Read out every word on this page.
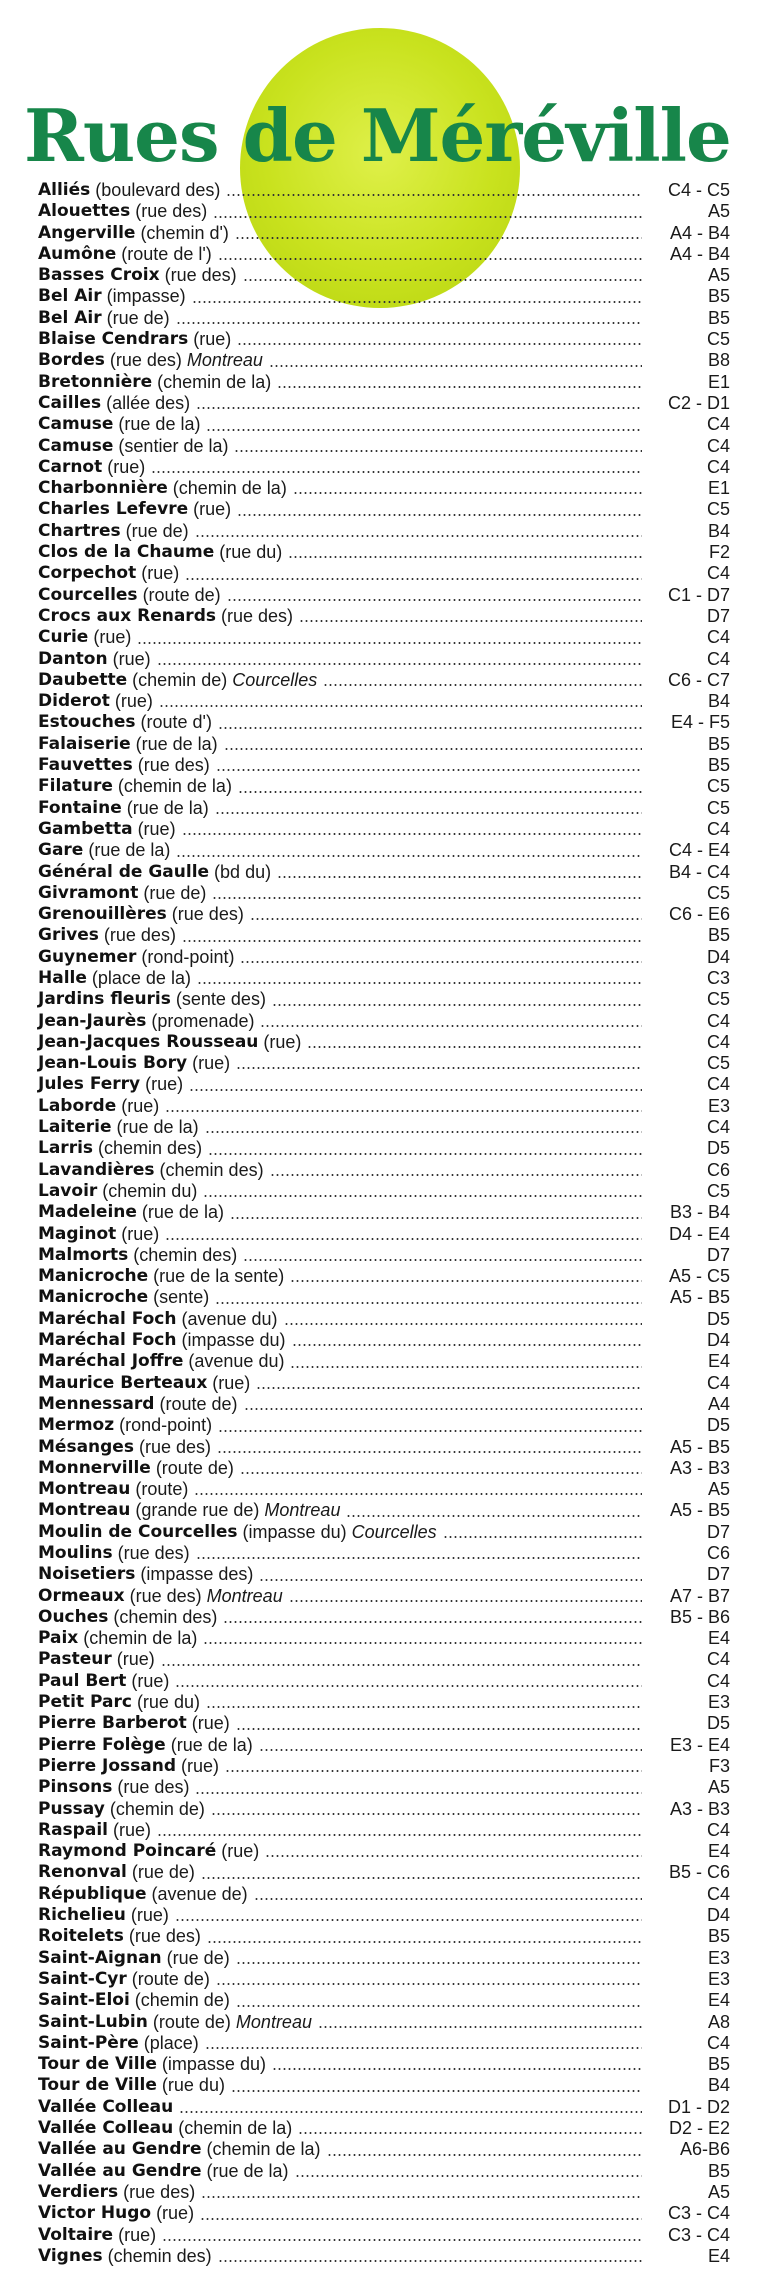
Rues de Méréville
Alliés (boulevard des)	C4 - C5
Alouettes (rue des)	A5
Angerville (chemin d')	A4 - B4
Aumône (route de l')	A4 - B4
Basses Croix (rue des)	A5
Bel Air (impasse)	B5
Bel Air (rue de)	B5
Blaise Cendrars (rue)	C5
Bordes (rue des) Montreau	B8
Bretonnière (chemin de la)	E1
Cailles (allée des)	C2 - D1
Camuse (rue de la)	C4
Camuse (sentier de la)	C4
Carnot (rue)	C4
Charbonnière (chemin de la)	E1
Charles Lefevre (rue)	C5
Chartres (rue de)	B4
Clos de la Chaume (rue du)	F2
Corpechot (rue)	C4
Courcelles (route de)	C1 - D7
Crocs aux Renards (rue des)	D7
Curie (rue)	C4
Danton (rue)	C4
Daubette (chemin de) Courcelles	C6 - C7
Diderot (rue)	B4
Estouches (route d')	E4 - F5
Falaiserie (rue de la)	B5
Fauvettes (rue des)	B5
Filature (chemin de la)	C5
Fontaine (rue de la)	C5
Gambetta (rue)	C4
Gare (rue de la)	C4 - E4
Général de Gaulle (bd du)	B4 - C4
Givramont (rue de)	C5
Grenouillères (rue des)	C6 - E6
Grives (rue des)	B5
Guynemer (rond-point)	D4
Halle (place de la)	C3
Jardins fleuris (sente des)	C5
Jean-Jaurès (promenade)	C4
Jean-Jacques Rousseau (rue)	C4
Jean-Louis Bory (rue)	C5
Jules Ferry (rue)	C4
Laborde (rue)	E3
Laiterie (rue de la)	C4
Larris (chemin des)	D5
Lavandières (chemin des)	C6
Lavoir (chemin du)	C5
Madeleine (rue de la)	B3 - B4
Maginot (rue)	D4 - E4
Malmorts (chemin des)	D7
Manicroche (rue de la sente)	A5 - C5
Manicroche (sente)	A5 - B5
Maréchal Foch (avenue du)	D5
Maréchal Foch (impasse du)	D4
Maréchal Joffre (avenue du)	E4
Maurice Berteaux (rue)	C4
Mennessard (route de)	A4
Mermoz (rond-point)	D5
Mésanges (rue des)	A5 - B5
Monnerville (route de)	A3 - B3
Montreau (route)	A5
Montreau (grande rue de) Montreau	A5 - B5
Moulin de Courcelles (impasse du) Courcelles	D7
Moulins (rue des)	C6
Noisetiers (impasse des)	D7
Ormeaux (rue des) Montreau	A7 - B7
Ouches (chemin des)	B5 - B6
Paix (chemin de la)	E4
Pasteur (rue)	C4
Paul Bert (rue)	C4
Petit Parc (rue du)	E3
Pierre Barberot (rue)	D5
Pierre Folège (rue de la)	E3 - E4
Pierre Jossand (rue)	F3
Pinsons (rue des)	A5
Pussay (chemin de)	A3 - B3
Raspail (rue)	C4
Raymond Poincaré (rue)	E4
Renonval (rue de)	B5 - C6
République (avenue de)	C4
Richelieu (rue)	D4
Roitelets (rue des)	B5
Saint-Aignan (rue de)	E3
Saint-Cyr (route de)	E3
Saint-Eloi (chemin de)	E4
Saint-Lubin (route de) Montreau	A8
Saint-Père (place)	C4
Tour de Ville (impasse du)	B5
Tour de Ville (rue du)	B4
Vallée Colleau	D1 - D2
Vallée Colleau (chemin de la)	D2 - E2
Vallée au Gendre (chemin de la)	A6-B6
Vallée au Gendre (rue de la)	B5
Verdiers (rue des)	A5
Victor Hugo (rue)	C3 - C4
Voltaire (rue)	C3 - C4
Vignes (chemin des)	E4
